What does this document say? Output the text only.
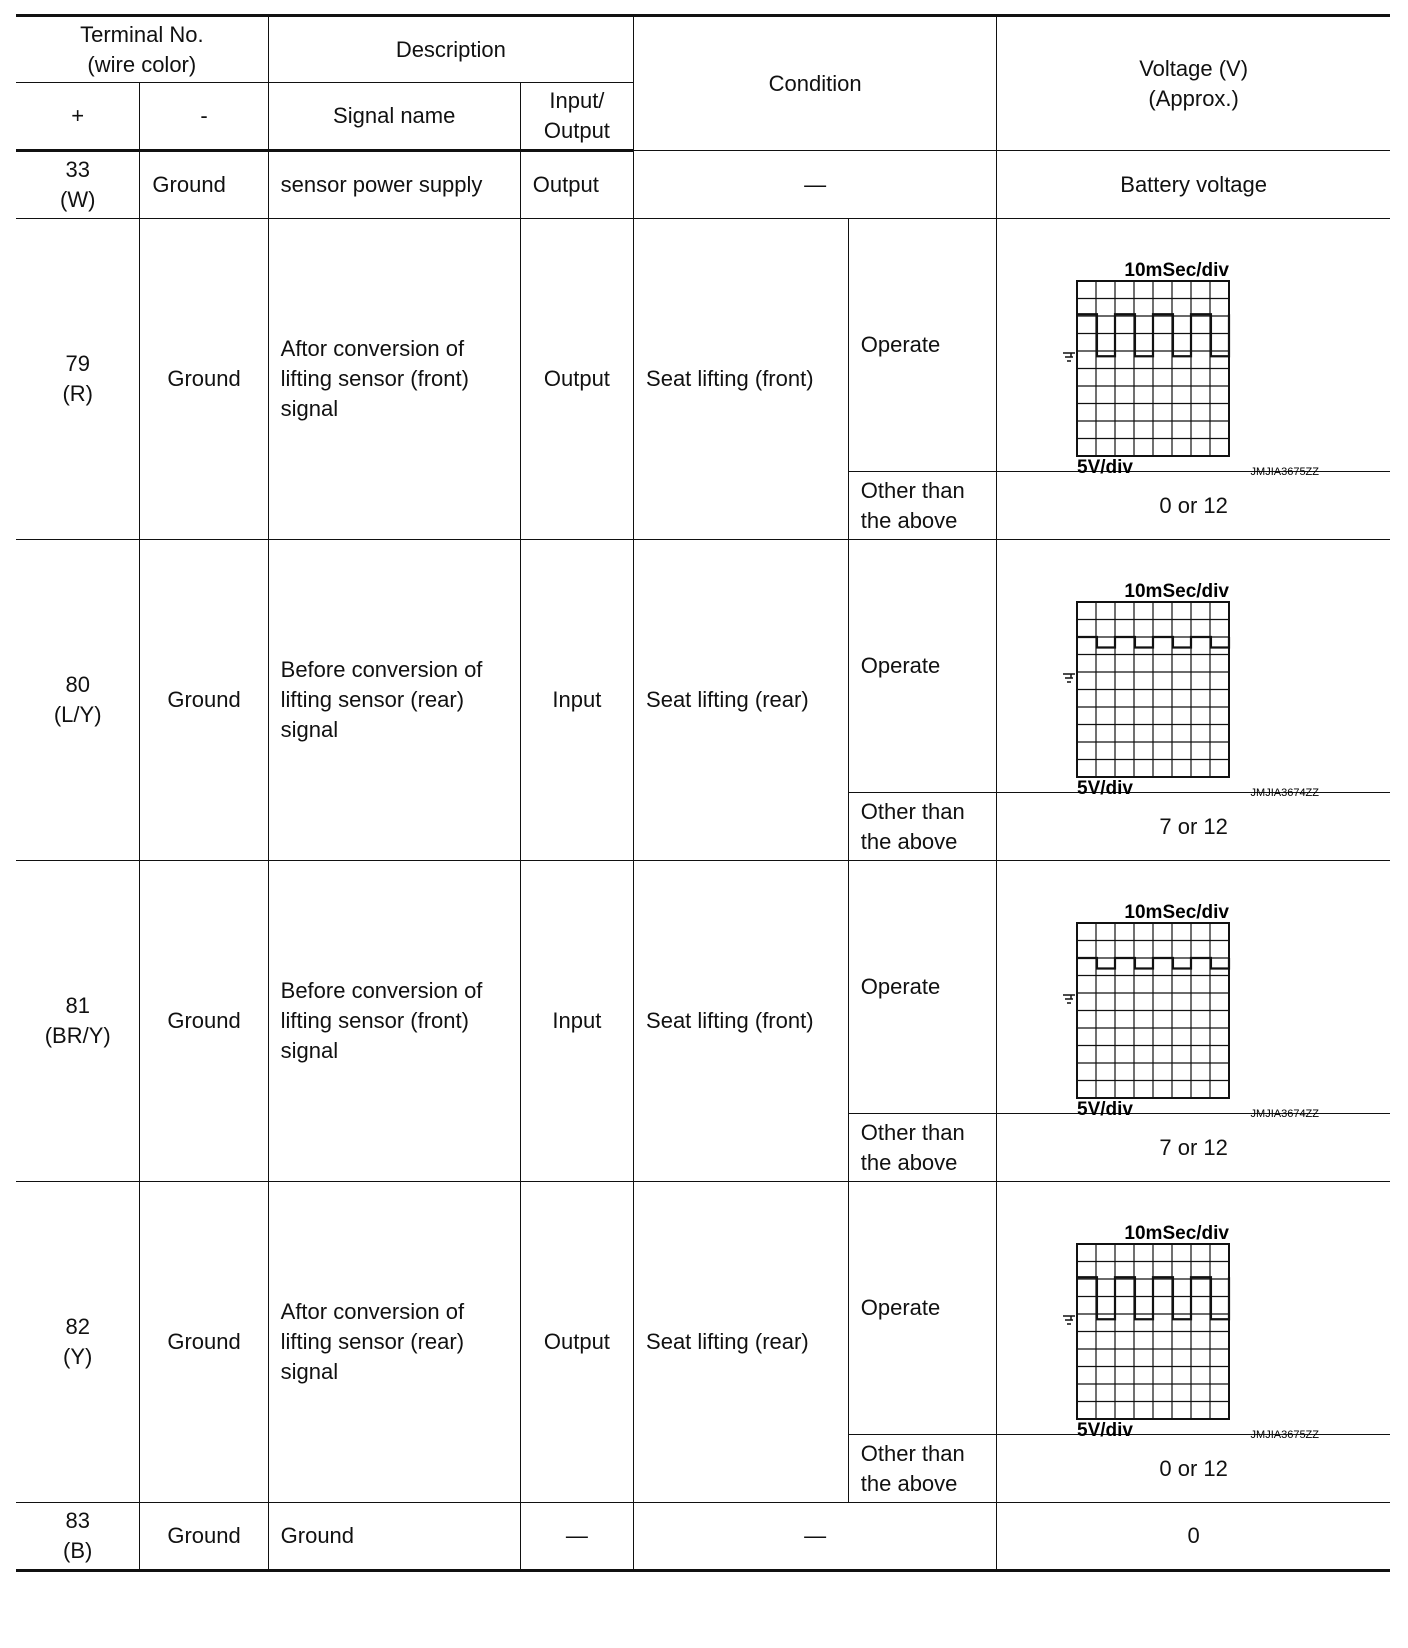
Terminal No.
(wire color)		Description		Condition		Voltage (V)
(Approx.)
+	-	Signal name	Input/
Output			
33
(W)	Ground	sensor power supply	Output	—		Battery voltage
79
(R)	Ground	Aftor conversion of
lifting sensor (front)
signal	Output	Seat lifting (front)	Operate	10mSec/div
5V/div JMJIA3675ZZ

					Other than
the above	0 or 12
80
(L/Y)	Ground	Before conversion of
lifting sensor (rear)
signal	Input	Seat lifting (rear)	Operate	10mSec/div
5V/div JMJIA3674ZZ

					Other than
the above	7 or 12
81
(BR/Y)	Ground	Before conversion of
lifting sensor (front)
signal	Input	Seat lifting (front)	Operate	10mSec/div
5V/div JMJIA3674ZZ

					Other than
the above	7 or 12
82
(Y)	Ground	Aftor conversion of
lifting sensor (rear)
signal	Output	Seat lifting (rear)	Operate	10mSec/div
5V/div JMJIA3675ZZ

					Other than
the above	0 or 12
83
(B)	Ground	Ground	—	—		0
